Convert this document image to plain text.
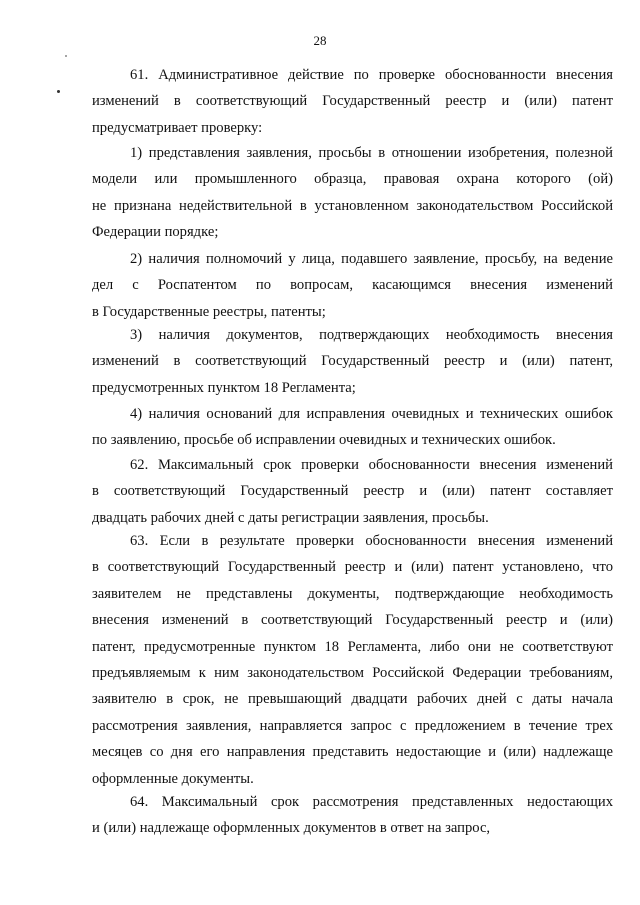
28
61. Административное действие по проверке обоснованности внесения
изменений в соответствующий Государственный реестр и (или) патент
предусматривает проверку:
1) представления заявления, просьбы в отношении изобретения, полезной
модели или промышленного образца, правовая охрана которого (ой)
не признана недействительной в установленном законодательством Российской
Федерации порядке;
2) наличия полномочий у лица, подавшего заявление, просьбу, на ведение
дел с Роспатентом по вопросам, касающимся внесения изменений
в Государственные реестры, патенты;
3) наличия документов, подтверждающих необходимость внесения
изменений в соответствующий Государственный реестр и (или) патент,
предусмотренных пунктом 18 Регламента;
4) наличия оснований для исправления очевидных и технических ошибок
по заявлению, просьбе об исправлении очевидных и технических ошибок.
62. Максимальный срок проверки обоснованности внесения изменений
в соответствующий Государственный реестр и (или) патент составляет
двадцать рабочих дней с даты регистрации заявления, просьбы.
63. Если в результате проверки обоснованности внесения изменений
в соответствующий Государственный реестр и (или) патент установлено, что
заявителем не представлены документы, подтверждающие необходимость
внесения изменений в соответствующий Государственный реестр и (или)
патент, предусмотренные пунктом 18 Регламента, либо они не соответствуют
предъявляемым к ним законодательством Российской Федерации требованиям,
заявителю в срок, не превышающий двадцати рабочих дней с даты начала
рассмотрения заявления, направляется запрос с предложением в течение трех
месяцев со дня его направления представить недостающие и (или) надлежаще
оформленные документы.
64. Максимальный срок рассмотрения представленных недостающих
и (или) надлежаще оформленных документов в ответ на запрос,
